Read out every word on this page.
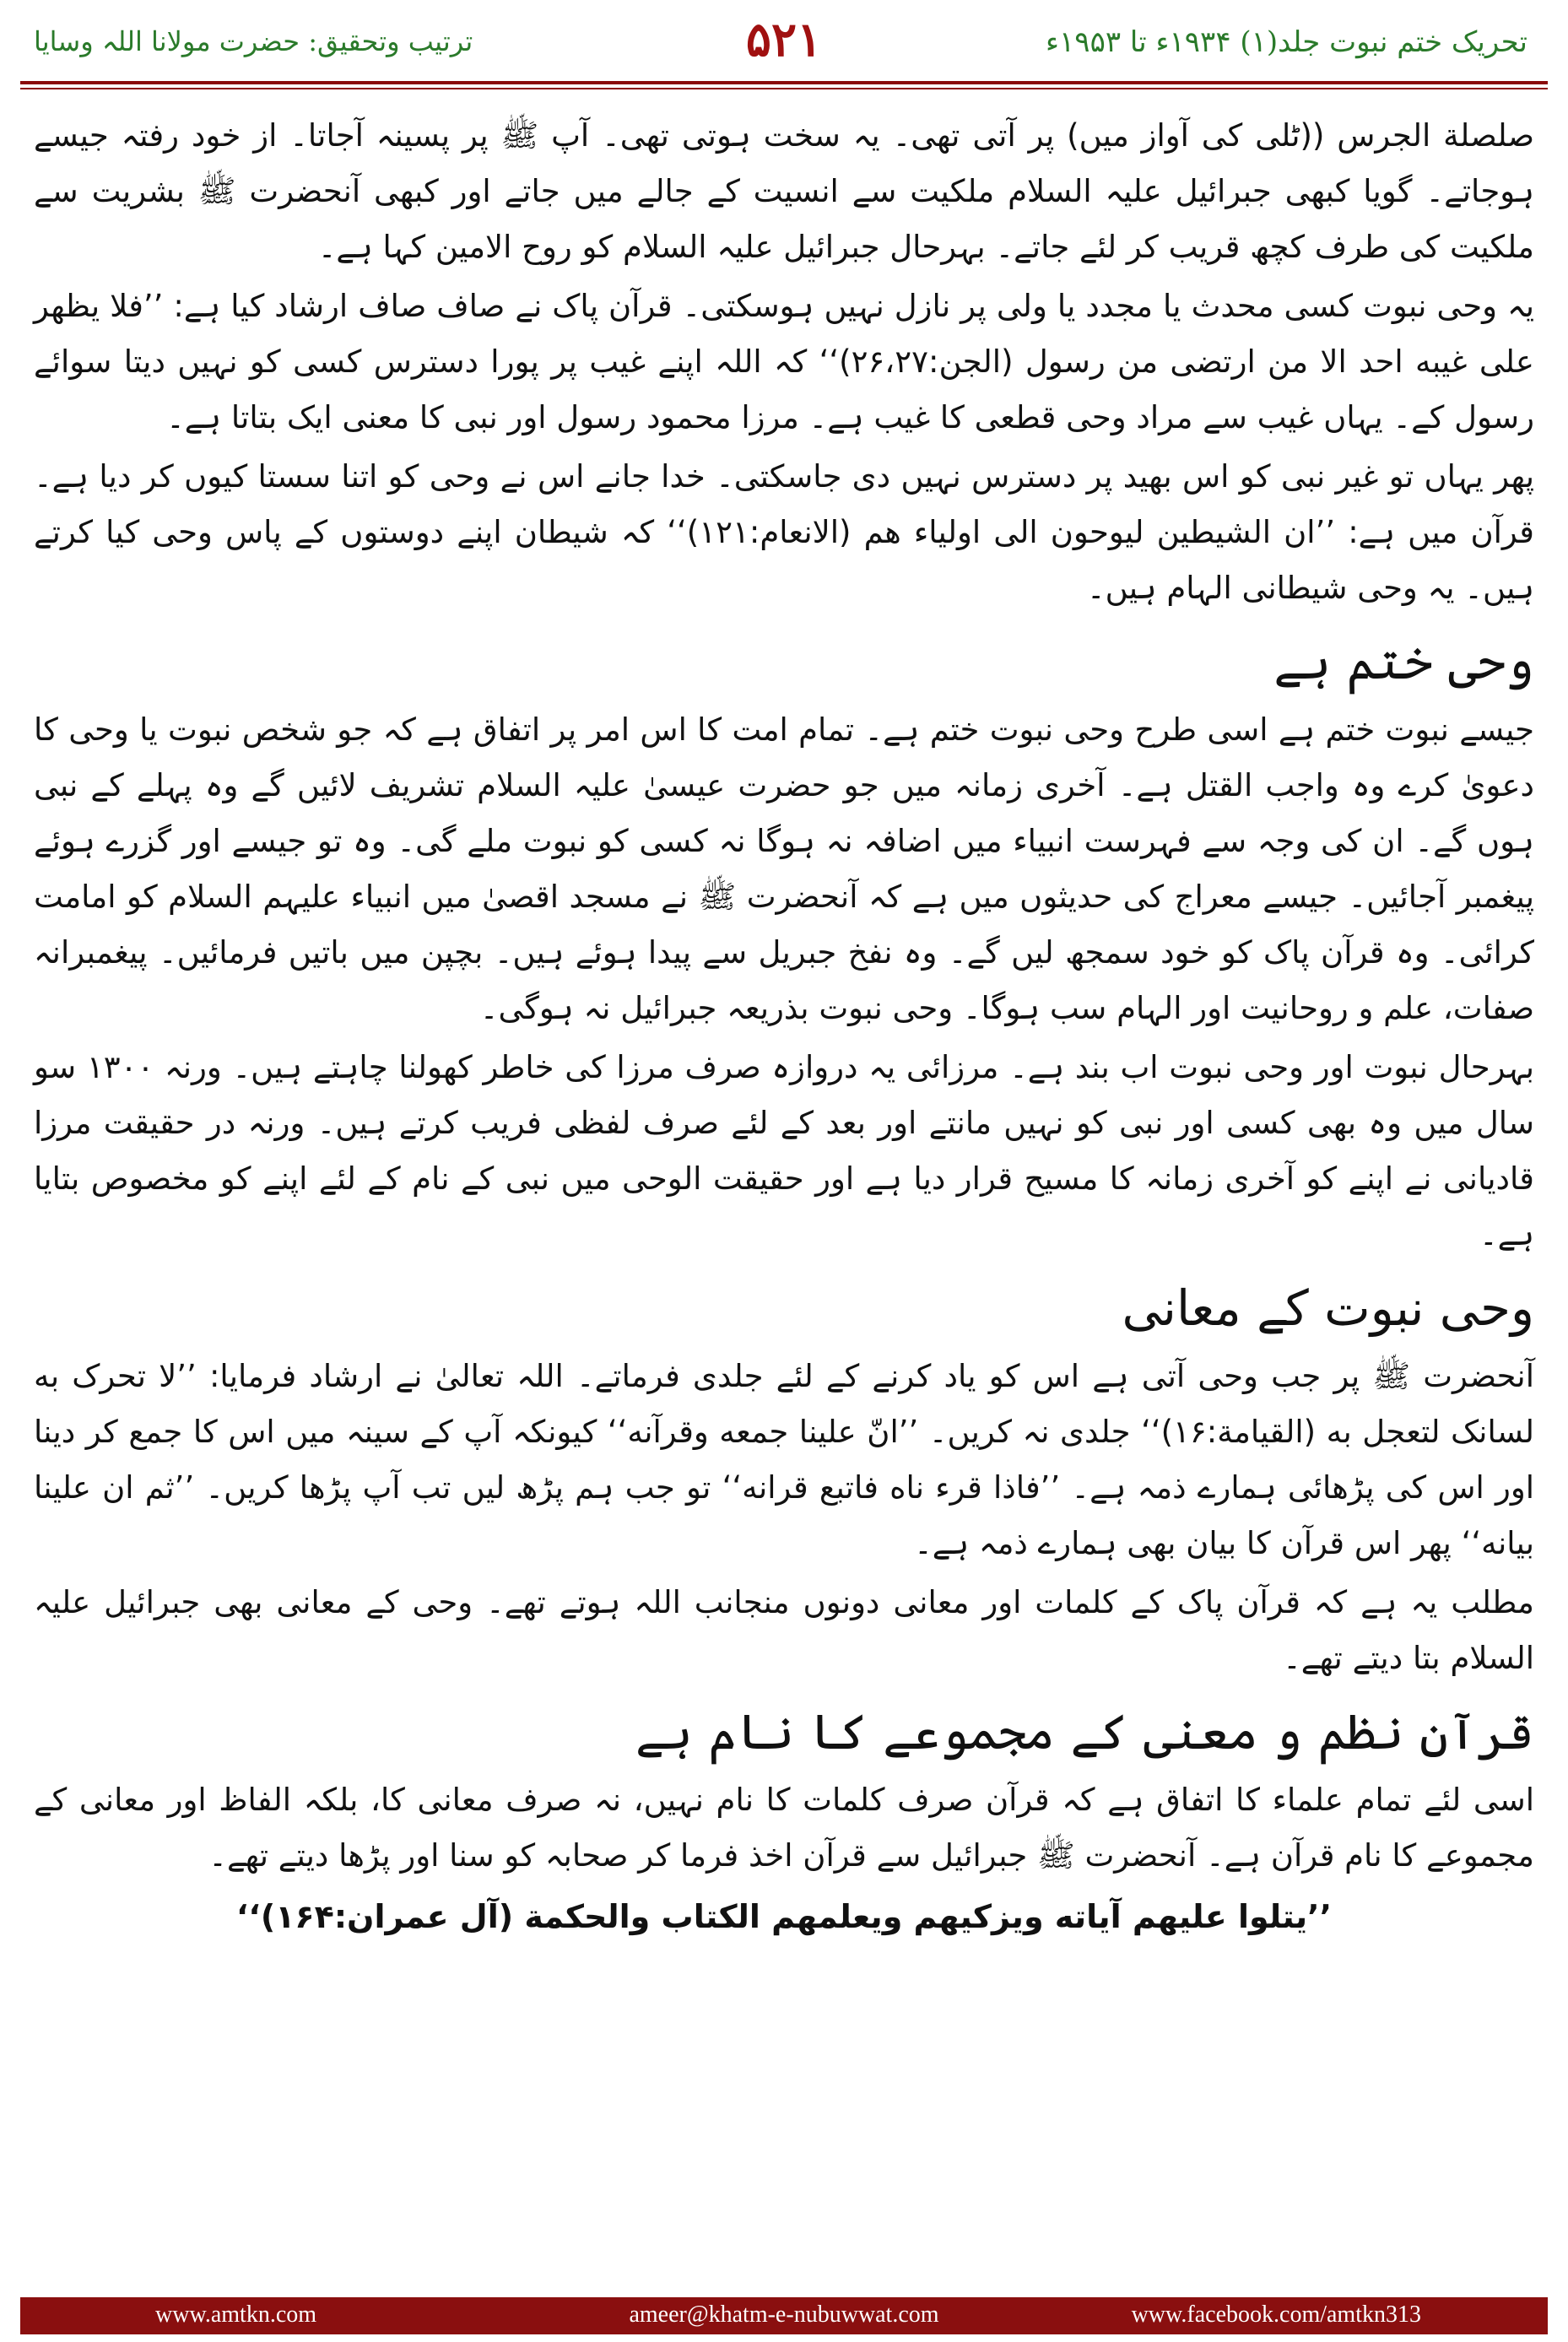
تحریک ختم نبوت جلد(۱) ۱۹۳۴ء تا ۱۹۵۳ء
۵۲۱
ترتیب وتحقیق: حضرت مولانا اللہ وسایا

صلصلة الجرس ((ٹلی کی آواز میں) پر آتی تھی۔ یہ سخت ہوتی تھی۔ آپ ﷺ پر پسینہ آجاتا۔ از خود رفتہ جیسے ہوجاتے۔ گویا کبھی جبرائیل علیہ السلام ملکیت سے انسیت کے جالے میں جاتے اور کبھی آنحضرت ﷺ بشریت سے ملکیت کی طرف کچھ قریب کر لئے جاتے۔ بہرحال جبرائیل علیہ السلام کو روح الامین کہا ہے۔

یہ وحی نبوت کسی محدث یا مجدد یا ولی پر نازل نہیں ہوسکتی۔ قرآن پاک نے صاف صاف ارشاد کیا ہے: ’’فلا یظهر علی غیبه احد الا من ارتضی من رسول (الجن:۲۶،۲۷)‘‘ کہ اللہ اپنے غیب پر پورا دسترس کسی کو نہیں دیتا سوائے رسول کے۔ یہاں غیب سے مراد وحی قطعی کا غیب ہے۔ مرزا محمود رسول اور نبی کا معنی ایک بتاتا ہے۔

پھر یہاں تو غیر نبی کو اس بھید پر دسترس نہیں دی جاسکتی۔ خدا جانے اس نے وحی کو اتنا سستا کیوں کر دیا ہے۔ قرآن میں ہے: ’’ان الشیطین لیوحون الی اولیاء هم (الانعام:۱۲۱)‘‘ کہ شیطان اپنے دوستوں کے پاس وحی کیا کرتے ہیں۔ یہ وحی شیطانی الہام ہیں۔

وحی ختم ہے

جیسے نبوت ختم ہے اسی طرح وحی نبوت ختم ہے۔ تمام امت کا اس امر پر اتفاق ہے کہ جو شخص نبوت یا وحی کا دعویٰ کرے وہ واجب القتل ہے۔ آخری زمانہ میں جو حضرت عیسیٰ علیہ السلام تشریف لائیں گے وہ پہلے کے نبی ہوں گے۔ ان کی وجہ سے فہرست انبیاء میں اضافہ نہ ہوگا نہ کسی کو نبوت ملے گی۔ وہ تو جیسے اور گزرے ہوئے پیغمبر آجائیں۔ جیسے معراج کی حدیثوں میں ہے کہ آنحضرت ﷺ نے مسجد اقصیٰ میں انبیاء علیہم السلام کو امامت کرائی۔ وہ قرآن پاک کو خود سمجھ لیں گے۔ وہ نفخ جبریل سے پیدا ہوئے ہیں۔ بچپن میں باتیں فرمائیں۔ پیغمبرانہ صفات، علم و روحانیت اور الہام سب ہوگا۔ وحی نبوت بذریعہ جبرائیل نہ ہوگی۔

بہرحال نبوت اور وحی نبوت اب بند ہے۔ مرزائی یہ دروازہ صرف مرزا کی خاطر کھولنا چاہتے ہیں۔ ورنہ ۱۳۰۰ سو سال میں وہ بھی کسی اور نبی کو نہیں مانتے اور بعد کے لئے صرف لفظی فریب کرتے ہیں۔ ورنہ در حقیقت مرزا قادیانی نے اپنے کو آخری زمانہ کا مسیح قرار دیا ہے اور حقیقت الوحی میں نبی کے نام کے لئے اپنے کو مخصوص بتایا ہے۔

وحی نبوت کے معانی

آنحضرت ﷺ پر جب وحی آتی ہے اس کو یاد کرنے کے لئے جلدی فرماتے۔ اللہ تعالیٰ نے ارشاد فرمایا: ’’لا تحرک به لسانک لتعجل به (القیامة:۱۶)‘‘ جلدی نہ کریں۔ ’’انّ علینا جمعه وقرآنه‘‘ کیونکہ آپ کے سینہ میں اس کا جمع کر دینا اور اس کی پڑھائی ہمارے ذمہ ہے۔ ’’فاذا قرء ناه فاتبع قرانه‘‘ تو جب ہم پڑھ لیں تب آپ پڑھا کریں۔ ’’ثم ان علینا بیانه‘‘ پھر اس قرآن کا بیان بھی ہمارے ذمہ ہے۔

مطلب یہ ہے کہ قرآن پاک کے کلمات اور معانی دونوں منجانب اللہ ہوتے تھے۔ وحی کے معانی بھی جبرائیل علیہ السلام بتا دیتے تھے۔

قرآن نظم و معنی کے مجموعے کا نام ہے

اسی لئے تمام علماء کا اتفاق ہے کہ قرآن صرف کلمات کا نام نہیں، نہ صرف معانی کا، بلکہ الفاظ اور معانی کے مجموعے کا نام قرآن ہے۔ آنحضرت ﷺ جبرائیل سے قرآن اخذ فرما کر صحابہ کو سنا اور پڑھا دیتے تھے۔

’’یتلوا علیهم آیاته ویزکیهم ویعلمهم الکتاب والحکمة (آل عمران:۱۶۴)‘‘

www.amtkn.com	ameer@khatm-e-nubuwwat.com	www.facebook.com/amtkn313
